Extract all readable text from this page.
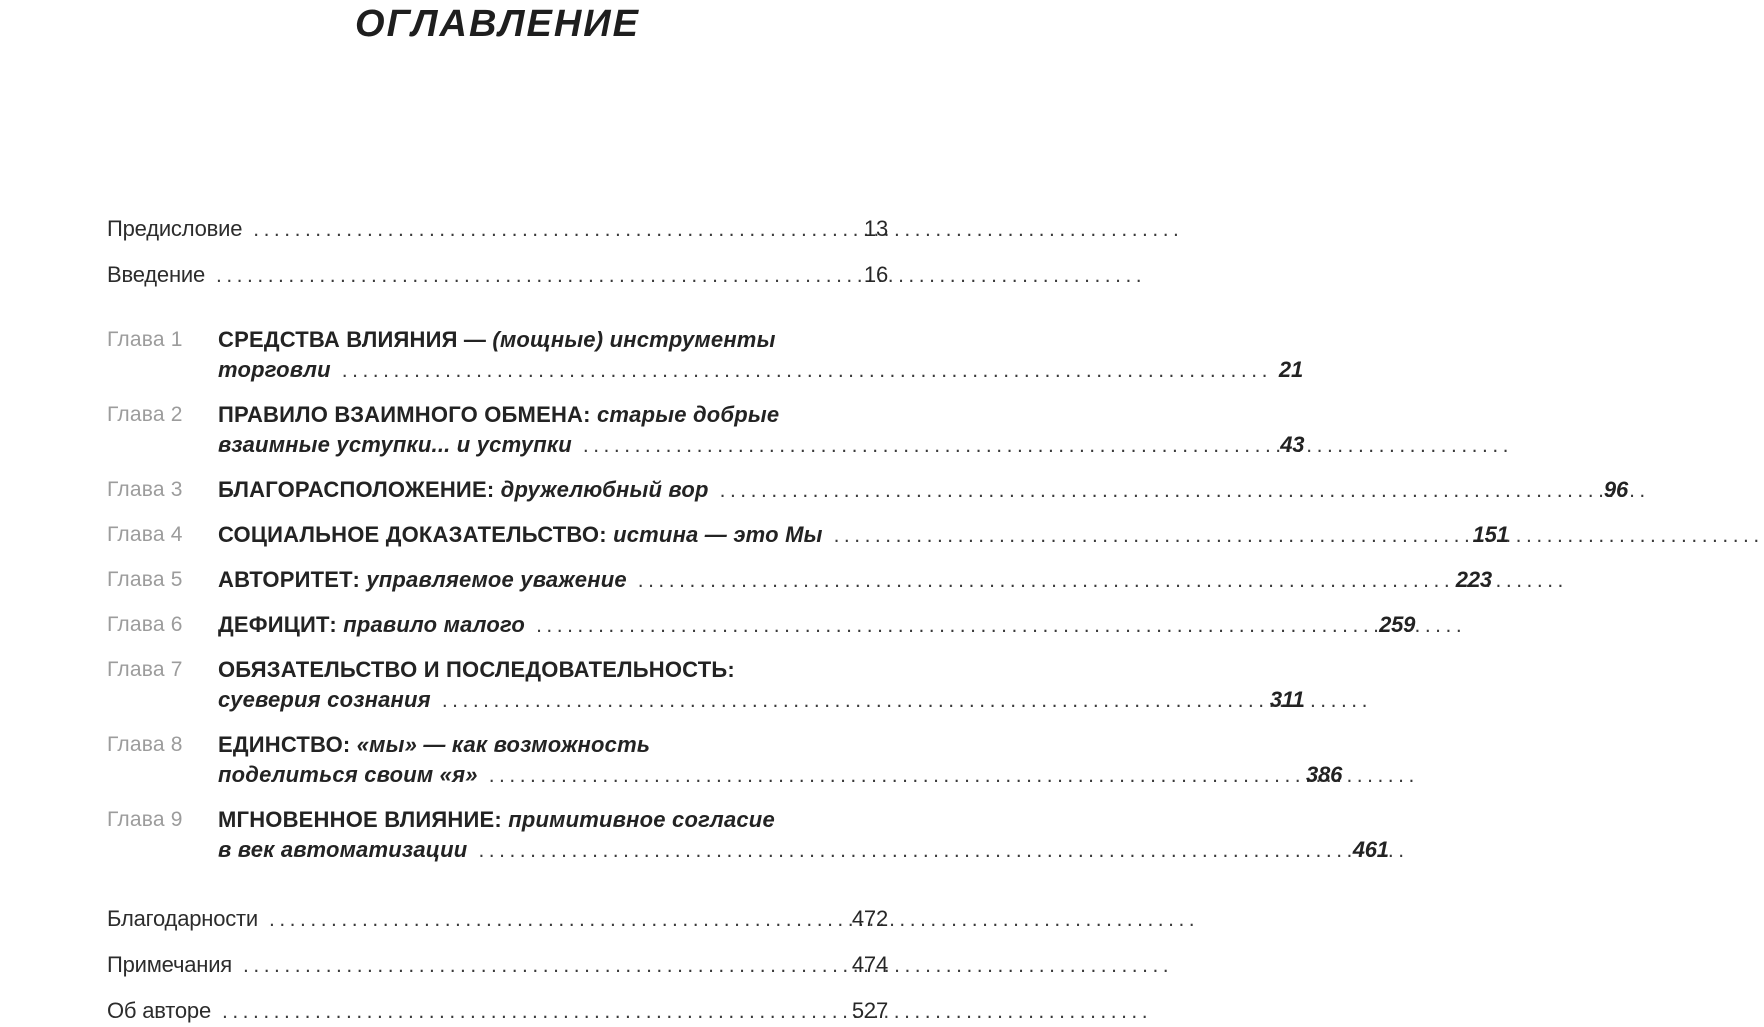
ОГЛАВЛЕНИЕ
Предисловие .....	13
Введение .....	16
Глава 1	СРЕДСТВА ВЛИЯНИЯ — (мощные) инструменты
торговли .....	21
Глава 2	ПРАВИЛО ВЗАИМНОГО ОБМЕНА: старые добрые
взаимные уступки... и уступки .....	43
Глава 3	БЛАГОРАСПОЛОЖЕНИЕ: дружелюбный вор .....	96
Глава 4	СОЦИАЛЬНОЕ ДОКАЗАТЕЛЬСТВО: истина — это Мы .....	151
Глава 5	АВТОРИТЕТ: управляемое уважение .....	223
Глава 6	ДЕФИЦИТ: правило малого .....	259
Глава 7	ОБЯЗАТЕЛЬСТВО И ПОСЛЕДОВАТЕЛЬНОСТЬ:
суеверия сознания .....	311
Глава 8	ЕДИНСТВО: «мы» — как возможность
поделиться своим «я» .....	386
Глава 9	МГНОВЕННОЕ ВЛИЯНИЕ: примитивное согласие
в век автоматизации .....	461
Благодарности .....	472
Примечания .....	474
Об авторе .....	527
